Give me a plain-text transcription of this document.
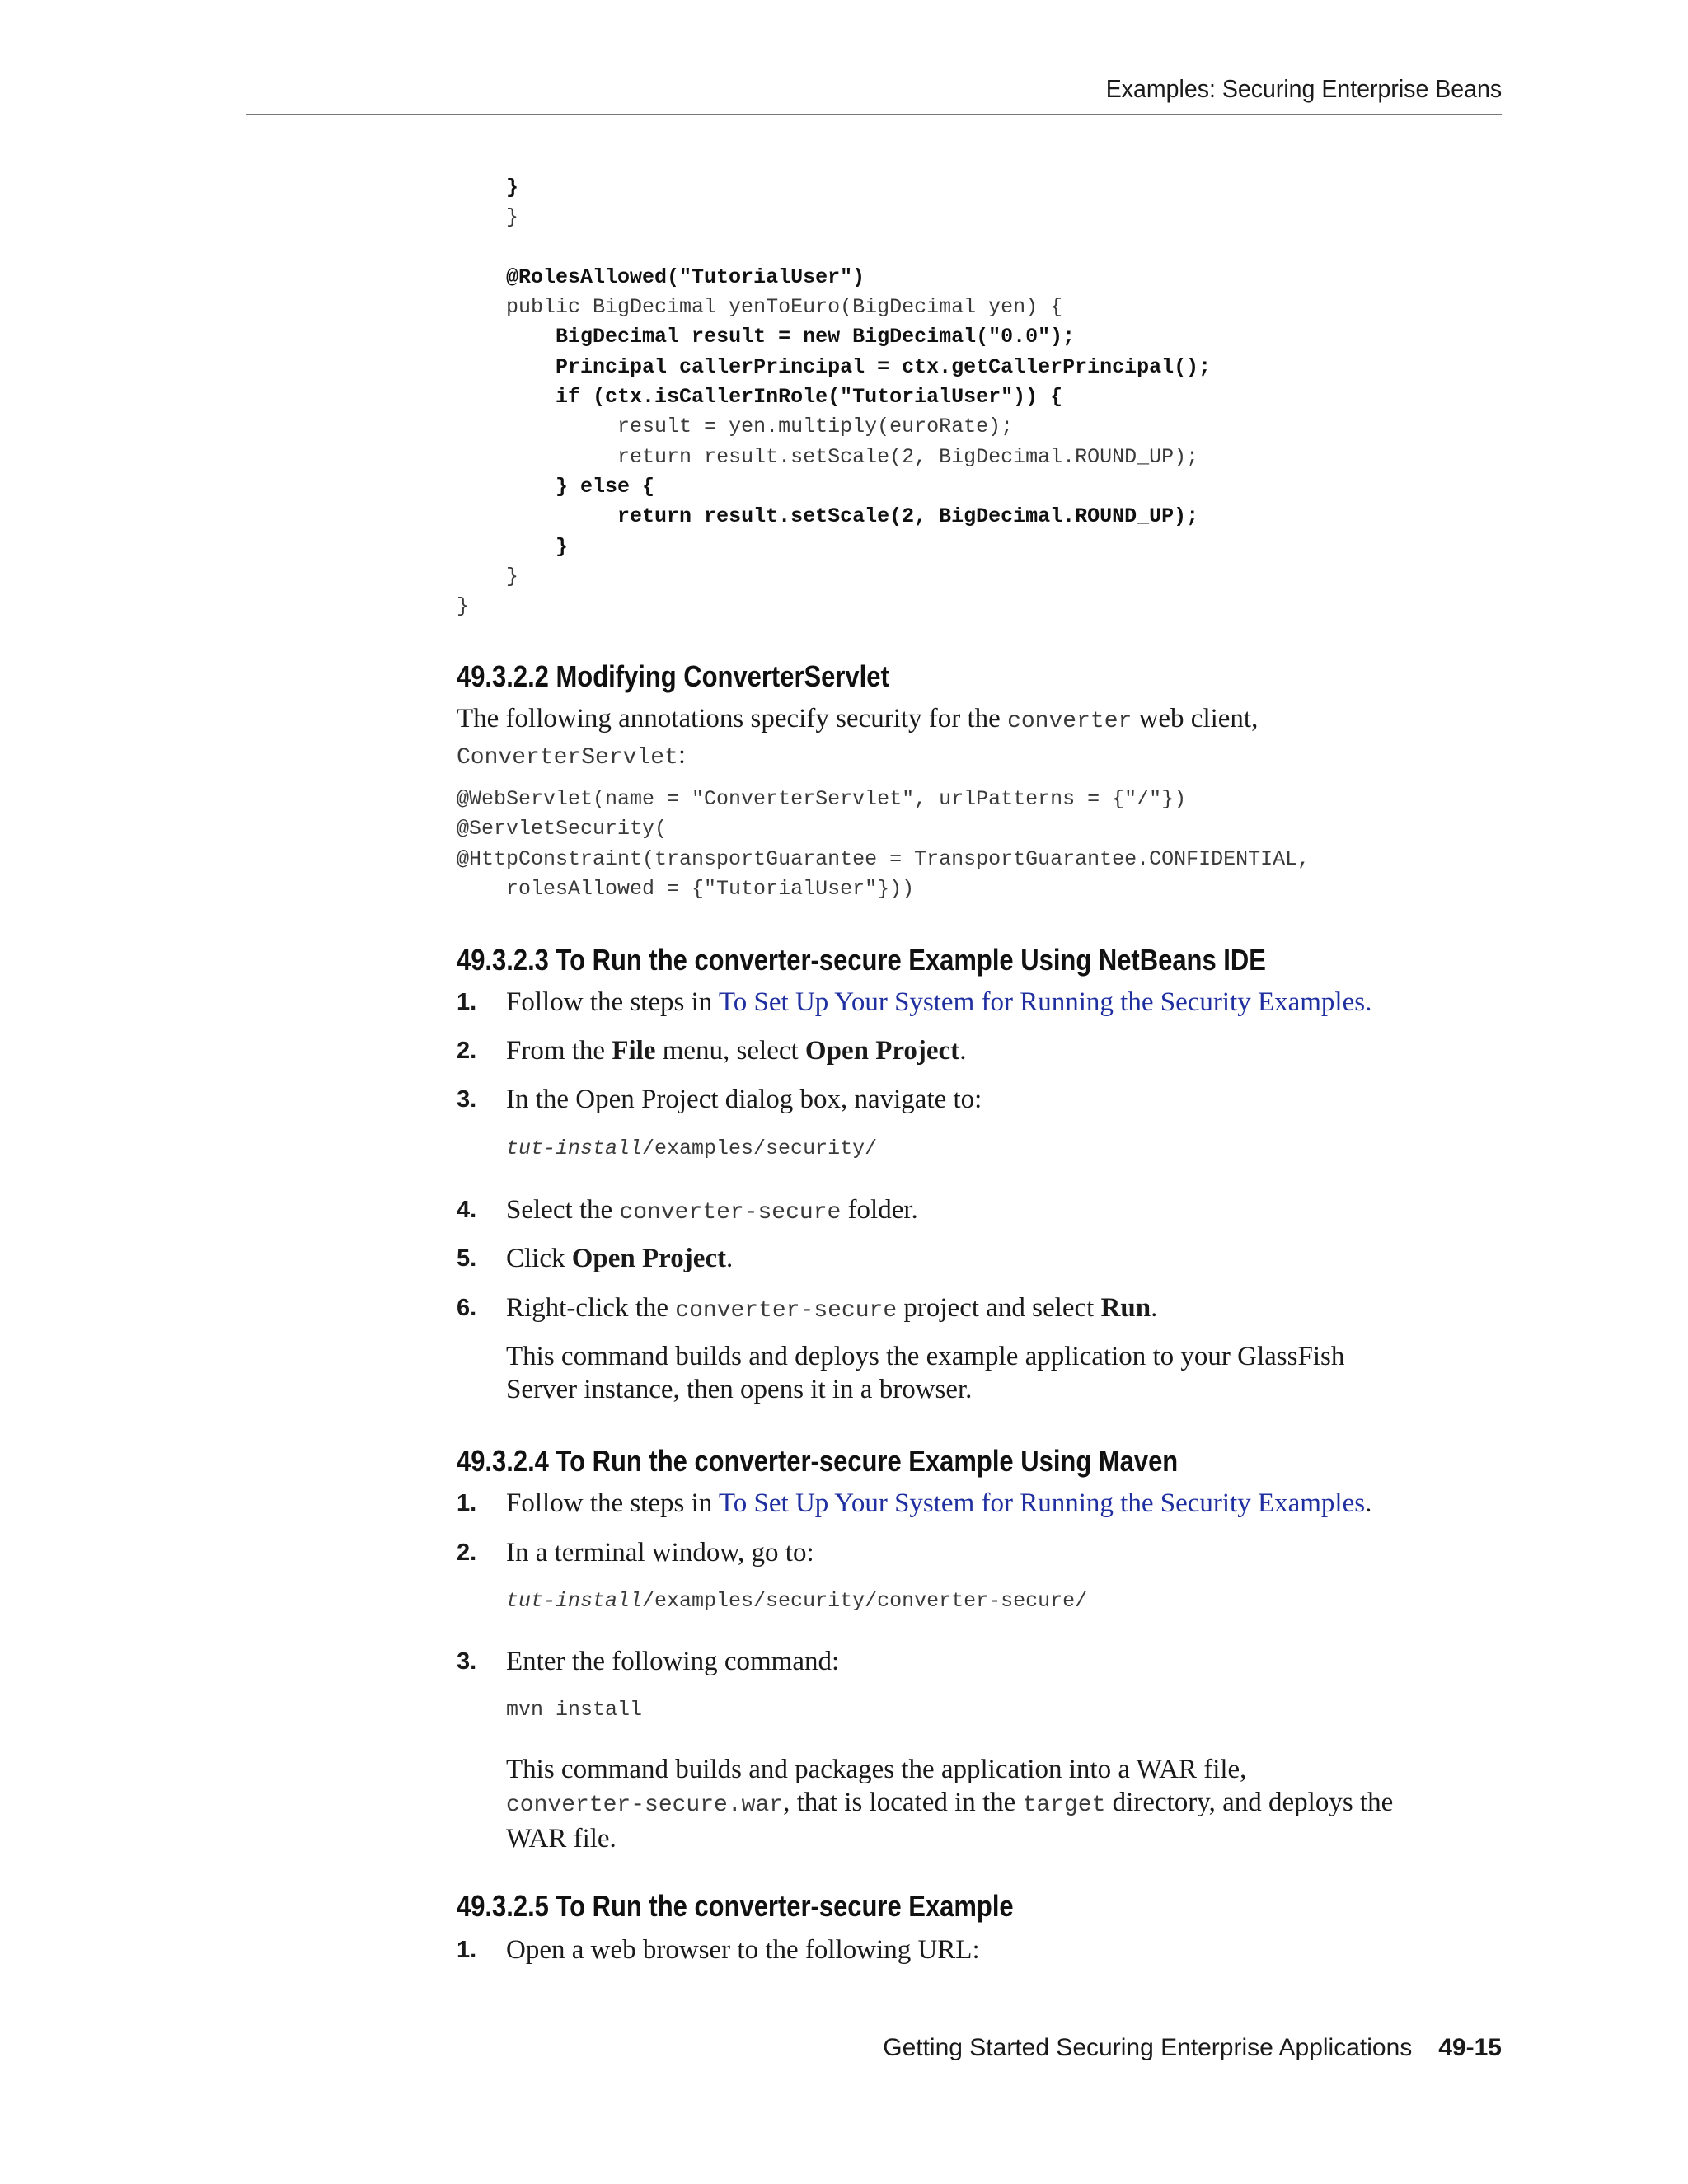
Examples: Securing Enterprise Beans
}
}

@RolesAllowed("TutorialUser")
public BigDecimal yenToEuro(BigDecimal yen) {
BigDecimal result = new BigDecimal("0.0");
Principal callerPrincipal = ctx.getCallerPrincipal();
if (ctx.isCallerInRole("TutorialUser")) {
result = yen.multiply(euroRate);
return result.setScale(2, BigDecimal.ROUND_UP);
} else {
return result.setScale(2, BigDecimal.ROUND_UP);
}
}
}
49.3.2.2 Modifying ConverterServlet
The following annotations specify security for the converter web client,
ConverterServlet:
@WebServlet(name = "ConverterServlet", urlPatterns = {"/"})
@ServletSecurity(
@HttpConstraint(transportGuarantee = TransportGuarantee.CONFIDENTIAL,
rolesAllowed = {"TutorialUser"}))
49.3.2.3 To Run the converter-secure Example Using NetBeans IDE
1. Follow the steps in To Set Up Your System for Running the Security Examples.
2. From the File menu, select Open Project.
3. In the Open Project dialog box, navigate to:
tut-install/examples/security/
4. Select the converter-secure folder.
5. Click Open Project.
6. Right-click the converter-secure project and select Run.
This command builds and deploys the example application to your GlassFish
Server instance, then opens it in a browser.
49.3.2.4 To Run the converter-secure Example Using Maven
1. Follow the steps in To Set Up Your System for Running the Security Examples.
2. In a terminal window, go to:
tut-install/examples/security/converter-secure/
3. Enter the following command:
mvn install
This command builds and packages the application into a WAR file,
converter-secure.war, that is located in the target directory, and deploys the
WAR file.
49.3.2.5 To Run the converter-secure Example
1. Open a web browser to the following URL:
Getting Started Securing Enterprise Applications 49-15
